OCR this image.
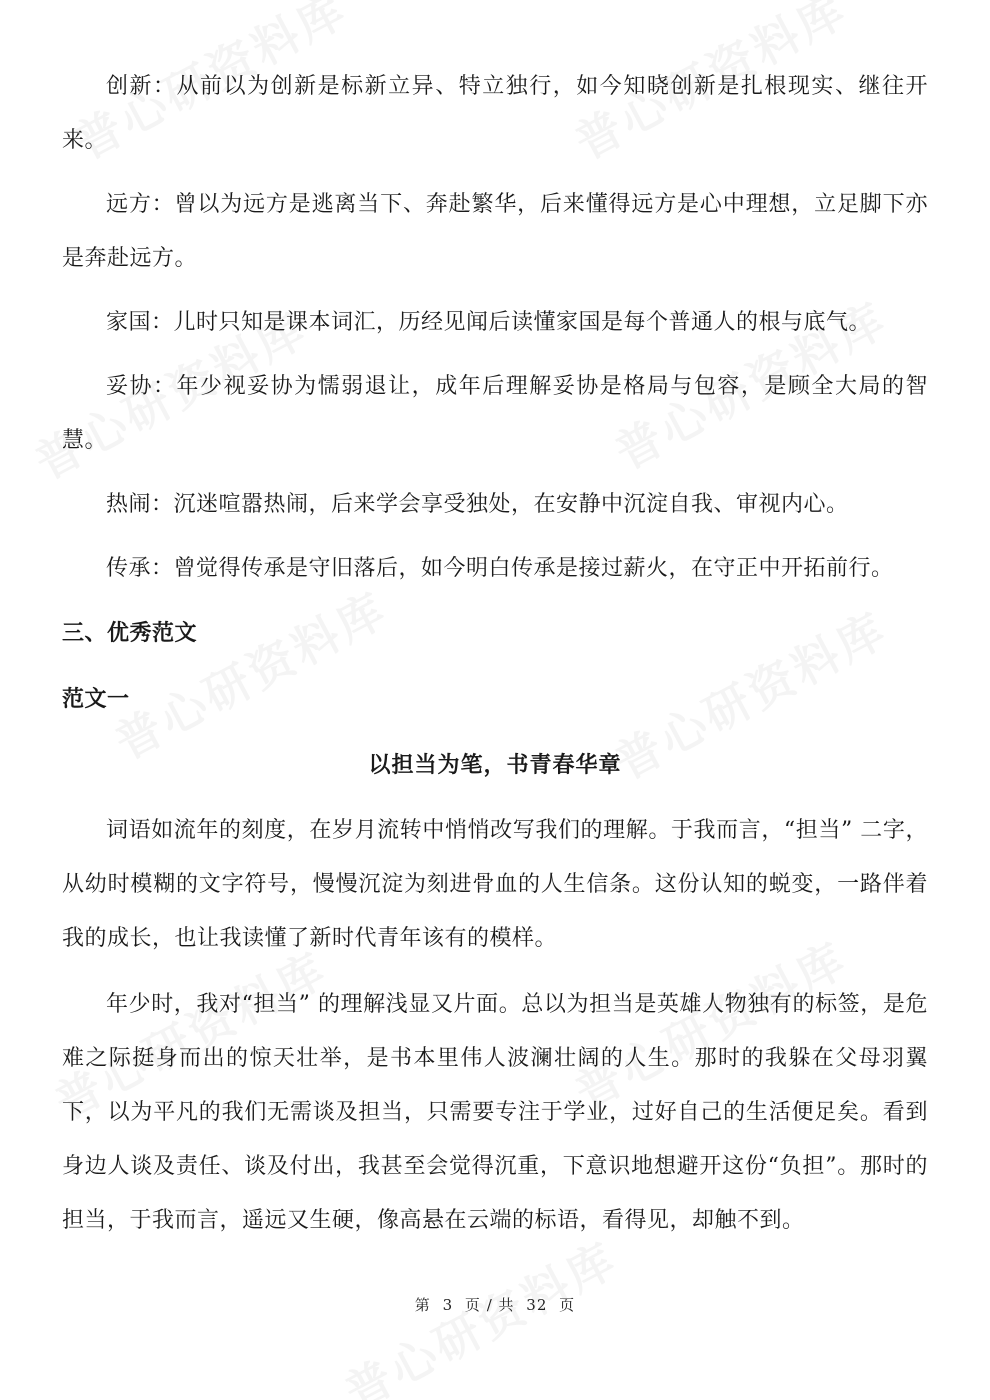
创新：从前以为创新是标新立异、特立独行，如今知晓创新是扎根现实、继往开来。

远方：曾以为远方是逃离当下、奔赴繁华，后来懂得远方是心中理想，立足脚下亦是奔赴远方。

家国：儿时只知是课本词汇，历经见闻后读懂家国是每个普通人的根与底气。

妥协：年少视妥协为懦弱退让，成年后理解妥协是格局与包容，是顾全大局的智慧。

热闹：沉迷喧嚣热闹，后来学会享受独处，在安静中沉淀自我、审视内心。

传承：曾觉得传承是守旧落后，如今明白传承是接过薪火，在守正中开拓前行。

三、优秀范文
范文一
以担当为笔，书青春华章

词语如流年的刻度，在岁月流转中悄悄改写我们的理解。于我而言，“担当” 二字，从幼时模糊的文字符号，慢慢沉淀为刻进骨血的人生信条。这份认知的蜕变，一路伴着我的成长，也让我读懂了新时代青年该有的模样。

年少时，我对“担当” 的理解浅显又片面。总以为担当是英雄人物独有的标签，是危难之际挺身而出的惊天壮举，是书本里伟人波澜壮阔的人生。那时的我躲在父母羽翼下，以为平凡的我们无需谈及担当，只需要专注于学业，过好自己的生活便足矣。看到身边人谈及责任、谈及付出，我甚至会觉得沉重，下意识地想避开这份“负担”。那时的担当，于我而言，遥远又生硬，像高悬在云端的标语，看得见，却触不到。

第 3 页 / 共 32 页
